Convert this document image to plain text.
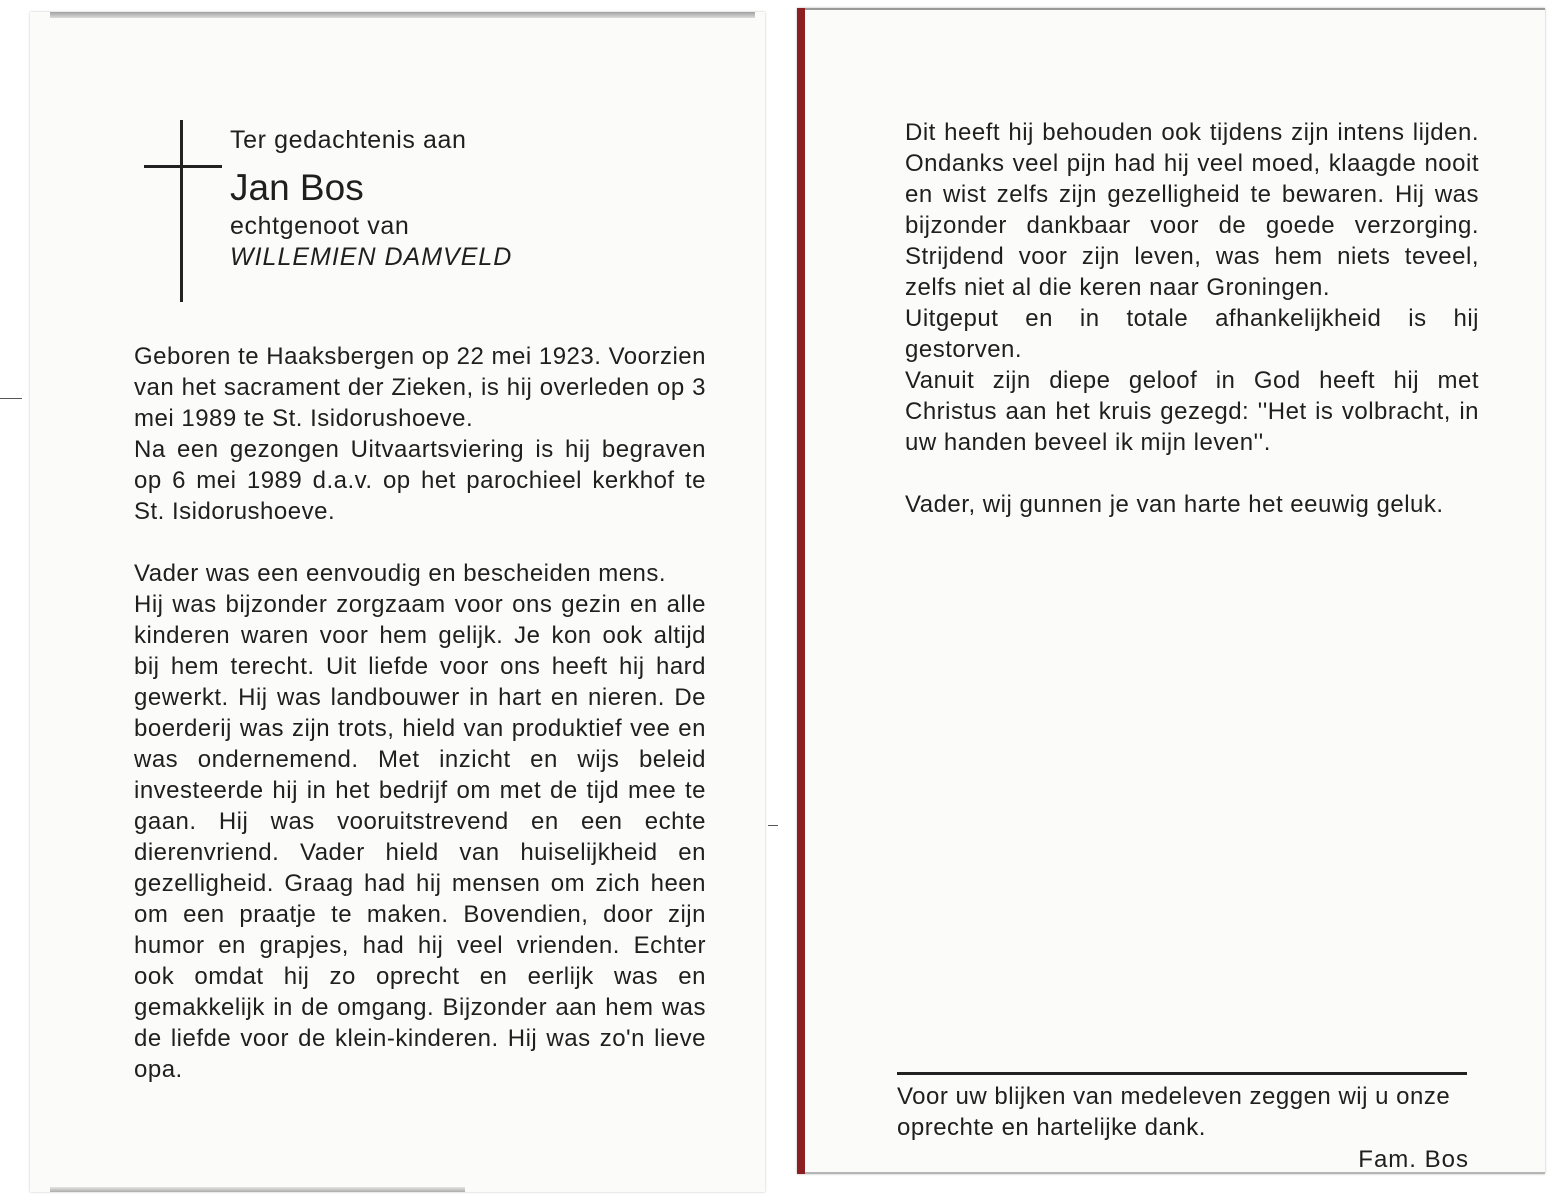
Ter gedachtenis aan
Jan Bos
echtgenoot van
WILLEMIEN DAMVELD

Geboren te Haaksbergen op 22 mei 1923. Voorzien van het sacrament der Zieken, is hij overleden op 3 mei 1989 te St. Isidorushoeve.

Na een gezongen Uitvaartsviering is hij begraven op 6 mei 1989 d.a.v. op het parochieel kerkhof te St. Isidorushoeve.

Vader was een eenvoudig en bescheiden mens.

Hij was bijzonder zorgzaam voor ons gezin en alle kinderen waren voor hem gelijk. Je kon ook altijd bij hem terecht. Uit liefde voor ons heeft hij hard gewerkt. Hij was landbouwer in hart en nieren. De boerderij was zijn trots, hield van produktief vee en was ondernemend. Met inzicht en wijs beleid investeerde hij in het bedrijf om met de tijd mee te gaan. Hij was vooruitstrevend en een echte dierenvriend. Vader hield van huiselijkheid en gezelligheid. Graag had hij mensen om zich heen om een praatje te maken. Bovendien, door zijn humor en grapjes, had hij veel vrienden. Echter ook omdat hij zo oprecht en eerlijk was en gemakkelijk in de omgang. Bijzonder aan hem was de liefde voor de klein-kinderen. Hij was zo'n lieve opa.

Dit heeft hij behouden ook tijdens zijn intens lijden. Ondanks veel pijn had hij veel moed, klaagde nooit en wist zelfs zijn gezelligheid te bewaren. Hij was bijzonder dankbaar voor de goede verzorging. Strijdend voor zijn leven, was hem niets teveel, zelfs niet al die keren naar Groningen.

Uitgeput en in totale afhankelijkheid is hij gestorven.

Vanuit zijn diepe geloof in God heeft hij met Christus aan het kruis gezegd: ''Het is volbracht, in uw handen beveel ik mijn leven''.

Vader, wij gunnen je van harte het eeuwig geluk.

Voor uw blijken van medeleven zeggen wij u onze oprechte en hartelijke dank.
Fam. Bos
